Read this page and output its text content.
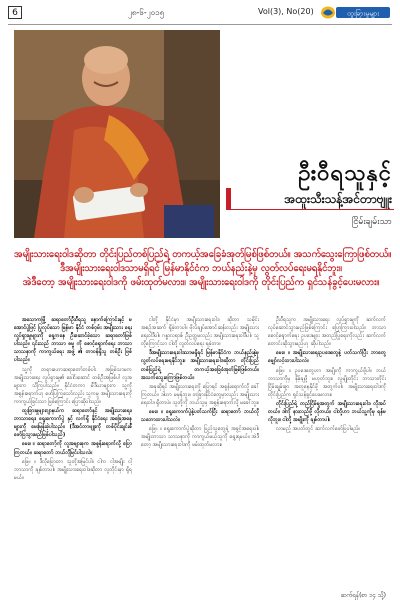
6	၂၈-၆-၂၀၁၅	Vol(3), No(20)	ထူးခြားမှုများ
ဦးဝီရသူနှင့်
အထူးသီးသန့်အင်တာဗျူး
ငြိမ်းချမ်းသာ
အမျိုးသားရေးဝါဒဆိုတာ တိုင်းပြည်တစ်ပြည်ရဲ့ တကယ့်အခြေခံအုတ်မြစ်ဖြစ်တယ်။ အသက်သွေးကြောဖြစ်တယ်။
ဒီအမျိုးသားရေးဝါဒသာမရှိရင် မြန်မာနိုင်ငံက ဘယ်နည်းနဲ့မှ လွတ်လပ်ရေးမရနိုင်ဘူး။
အဲဒီတော့ အမျိုးသားရေးဝါဒကို ဖမ်းထုတ်မလား။ အမျိုးသားရေးဝါဒကို တိုင်းပြည်က ရှင်သန်ခွင့်ပေးမလား။

အသောကမြို့ ဆရာတော်ဦးဝီရသူ နောက်ကြောင်းနှင့် မအောင်ပွဲဖြင့် ပြုလုပ်သော မြန်မာ နိုင်ငံ တစ်ဝှမ်း အမျိုးသား ရေး လှုပ်ရှားမှုများကို ရှေ့ကနေ ဦးဆောင်ခဲ့သော ဆရာတော်ဖြစ်ပါသည်။ ၎င်းသည် ဘာသာ ဓမ္မ ကို စောင့်ရှောက်ရေး ဘာသာ သာသနာကို ကာကွယ်ရေး အဖွဲ့ ၏ တာဝန်ရှိသူ တစ်ဦး ဖြစ်ပါသည်။

သူ့ကို တရားဟောဆရာတော်တစ်ပါး အဖြစ်သာမက အမျိုးသားရေး လှုပ်ရှားမှု၏ ခေါင်းဆောင် တစ်ဦးအဖြစ်ပါ လူအများက သိကြပါသည်။ နိုင်ငံတကာ မီဒီယာများက သူ့ကို အစွန်းရောက်ဟု ဖော်ပြကြသော်လည်း သူကမူ အမျိုးသားရေးကို ကာကွယ်ခြင်းသာ ဖြစ်ကြောင်း ပြောဆိုပါသည်။

ထူးခြားမှုများဂျာနယ်က ဆရာတော်နှင့် အမျိုးသားရေး၊ ဘာသာရေး၊ ရွေးကောက်ပွဲ နှင့် လက်ရှိ နိုင်ငံရေး အခြေအနေများကို မေးမြန်းခဲ့ပါသည်။ (ဒီအင်တာဗျူးကို တစ်ပိုင်းချင်းစီ ဖော်ပြသွားမည်ဖြစ်ပါသည်)

မေး။ ။ ဆရာတော့်ကို လူအများစုက အစွန်းရောက်လို့ ပြောကြတယ်။ ဆရာတော် ဘယ်လိုမြင်ပါသလဲ။

ဖြေ။ ။ ဒီလိုပြောတာ သူတို့အမြင်ပါ။ ငါက ငါ့အမျိုး ငါ့ဘာသာကို ချစ်တာပါ။ အမျိုးသားရေးဝါဒဆိုတာ လူတိုင်းမှာ ရှိရမယ်။

ငါတို့ နိုင်ငံမှာ အမျိုးသားရေးဝါဒ ဆိုတာ သမိုင်းအစဉ်အဆက် ရှိခဲ့တာပါ။ ဗိုလ်ချုပ်အောင်ဆန်းလည်း အမျိုးသားရေးဝါဒီပါ။ ဂန္ဓာလရာဇ် ဦးဥတ္တမလည်း အမျိုးသားရေးဝါဒီပါ။ သူတို့ကြောင့်သာ ငါတို့ လွတ်လပ်ရေး ရခဲ့တာ။

ဒီအမျိုးသားရေးဝါဒသာမရှိရင် မြန်မာနိုင်ငံက ဘယ်နည်းနဲ့မှ လွတ်လပ်ရေးမရနိုင်ဘူး။ အမျိုးသားရေးဝါဒဆိုတာ တိုင်းပြည်တစ်ပြည်ရဲ့ တကယ့်အခြေခံအုတ်မြစ်ဖြစ်တယ်။ အသက်သွေးကြောဖြစ်တယ်။

အခုဆိုရင် အမျိုးသားရေးကို ပြောရင် အစွန်းရောက်လို့ ခေါ်ကြတယ်။ ဒါဟာ မမှန်ဘူး။ တခြားနိုင်ငံတွေမှာလည်း အမျိုးသားရေးဝါဒ ရှိတာပဲ။ သူတို့ကို ဘယ်သူမှ အစွန်းရောက်လို့ မခေါ်ဘူး။

မေး။ ။ ရွေးကောက်ပွဲနဲ့ပတ်သက်ပြီး ဆရာတော် ဘယ်လိုသဘောထားပါသလဲ။

ဖြေ။ ။ ရွေးကောက်ပွဲဆိုတာ ပြည်သူတွေရဲ့ အခွင့်အရေးပါ။ အမျိုးဘာသာ သာသနာကို ကာကွယ်မယ့်သူကို ရွေးရမယ်။ အဲဒီတော့ အမျိုးသားရေးဝါဒကို ဖမ်းထုတ်မလား။

ဦးဝီရသူက အမျိုးသားရေး လှုပ်ရှားမှုကို ဆက်လက်လုပ်ဆောင်သွားမည်ဖြစ်ကြောင်း ပြောကြားပါသည်။ ဘာသာစောင့်ရှောက်ရေး ဥပဒေများ အတည်ပြုရေးကိုလည်း ဆက်လက်တောင်းဆိုသွားမည်ဟု ဆိုပါသည်။

မေး။ ။ အမျိုးသားရေးဥပဒေတွေနဲ့ ပတ်သက်ပြီး ဘာတွေ မျှော်လင့်ထားပါသလဲ။

ဖြေ။ ။ ဥပဒေတွေဟာ အမျိုးကို ကာကွယ်ဖို့ပါ။ ဘယ်ဘာသာကိုမှ နှိမ့်ချဖို့ မဟုတ်ဘူး။ လူမျိုးတိုင်း ဘာသာတိုင်း ငြိမ်းချမ်းစွာ အတူနေနိုင်ဖို့ အတွက်ပါ။ အမျိုးသားရေးဝါဒကို တိုင်းပြည်က ရှင်သန်ခွင့်ပေးမလား။

တိုင်းပြည်ရဲ့ တည်ငြိမ်မှုအတွက် အမျိုးသားရေးဝါဒ လိုအပ်တယ်။ ဒါကို နားလည်ဖို့ လိုတယ်။ ငါတို့ဟာ ဘယ်သူ့ကိုမှ ရန်မလိုဘူး။ ငါတို့ အမျိုးကို ချစ်တာပါ။

လာမည့် အပတ်တွင် ဆက်လက်ဖော်ပြပါမည်။

ဆက်ရန်(စာ ၁၄ သို့)
